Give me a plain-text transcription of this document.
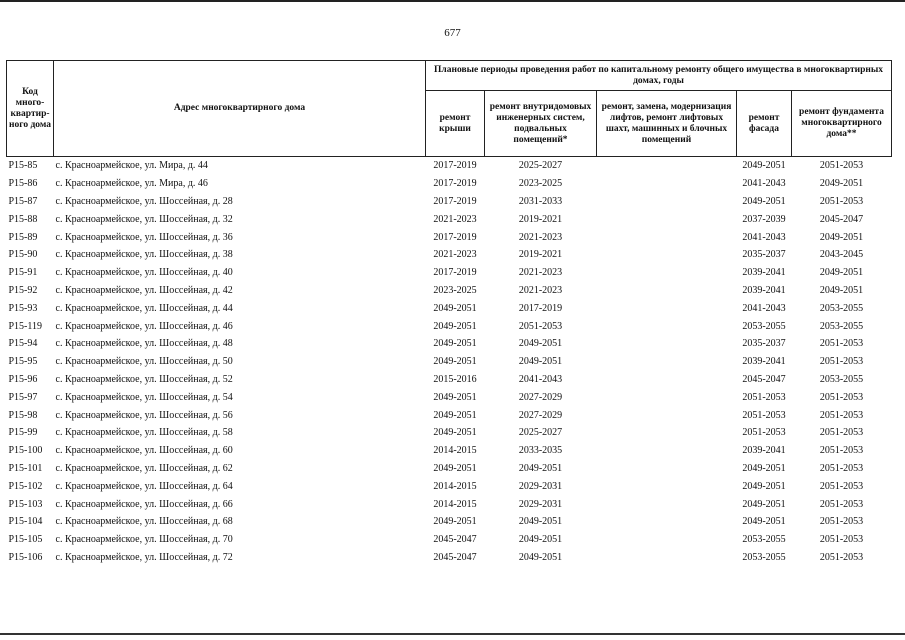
677
Код много-квартир-ного дома	Адрес многоквартирного дома	Плановые периоды проведения работ по капитальному ремонту общего имущества в многоквартирных домах, годы				
		ремонт крыши	ремонт внутридомовых инженерных систем, подвальных помещений*	ремонт, замена, модернизация лифтов, ремонт лифтовых шахт, машинных и блочных помещений	ремонт фасада	ремонт фундамента многоквартирного дома**
P15-85	с. Красноармейское, ул. Мира, д. 44	2017-2019	2025-2027		2049-2051	2051-2053
P15-86	с. Красноармейское, ул. Мира, д. 46	2017-2019	2023-2025		2041-2043	2049-2051
P15-87	с. Красноармейское, ул. Шоссейная, д. 28	2017-2019	2031-2033		2049-2051	2051-2053
P15-88	с. Красноармейское, ул. Шоссейная, д. 32	2021-2023	2019-2021		2037-2039	2045-2047
P15-89	с. Красноармейское, ул. Шоссейная, д. 36	2017-2019	2021-2023		2041-2043	2049-2051
P15-90	с. Красноармейское, ул. Шоссейная, д. 38	2021-2023	2019-2021		2035-2037	2043-2045
P15-91	с. Красноармейское, ул. Шоссейная, д. 40	2017-2019	2021-2023		2039-2041	2049-2051
P15-92	с. Красноармейское, ул. Шоссейная, д. 42	2023-2025	2021-2023		2039-2041	2049-2051
P15-93	с. Красноармейское, ул. Шоссейная, д. 44	2049-2051	2017-2019		2041-2043	2053-2055
P15-119	с. Красноармейское, ул. Шоссейная, д. 46	2049-2051	2051-2053		2053-2055	2053-2055
P15-94	с. Красноармейское, ул. Шоссейная, д. 48	2049-2051	2049-2051		2035-2037	2051-2053
P15-95	с. Красноармейское, ул. Шоссейная, д. 50	2049-2051	2049-2051		2039-2041	2051-2053
P15-96	с. Красноармейское, ул. Шоссейная, д. 52	2015-2016	2041-2043		2045-2047	2053-2055
P15-97	с. Красноармейское, ул. Шоссейная, д. 54	2049-2051	2027-2029		2051-2053	2051-2053
P15-98	с. Красноармейское, ул. Шоссейная, д. 56	2049-2051	2027-2029		2051-2053	2051-2053
P15-99	с. Красноармейское, ул. Шоссейная, д. 58	2049-2051	2025-2027		2051-2053	2051-2053
P15-100	с. Красноармейское, ул. Шоссейная, д. 60	2014-2015	2033-2035		2039-2041	2051-2053
P15-101	с. Красноармейское, ул. Шоссейная, д. 62	2049-2051	2049-2051		2049-2051	2051-2053
P15-102	с. Красноармейское, ул. Шоссейная, д. 64	2014-2015	2029-2031		2049-2051	2051-2053
P15-103	с. Красноармейское, ул. Шоссейная, д. 66	2014-2015	2029-2031		2049-2051	2051-2053
P15-104	с. Красноармейское, ул. Шоссейная, д. 68	2049-2051	2049-2051		2049-2051	2051-2053
P15-105	с. Красноармейское, ул. Шоссейная, д. 70	2045-2047	2049-2051		2053-2055	2051-2053
P15-106	с. Красноармейское, ул. Шоссейная, д. 72	2045-2047	2049-2051		2053-2055	2051-2053
